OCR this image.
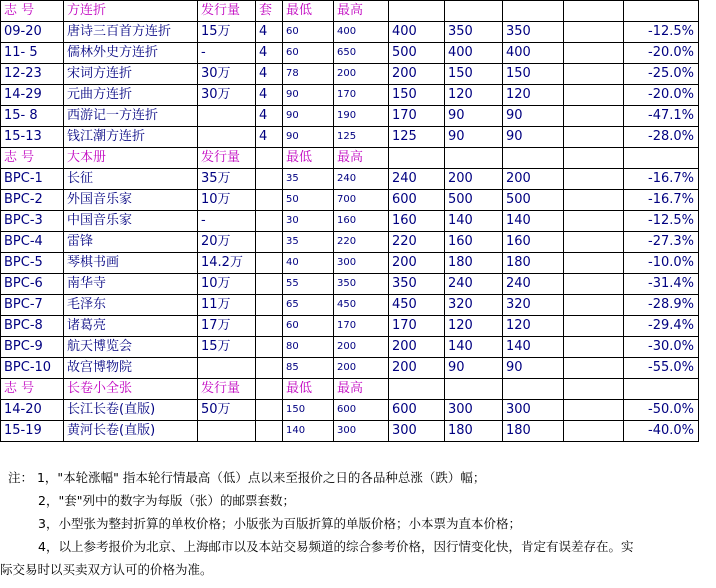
志 号	方连折	发行量	套	最低	最高					
09-20	唐诗三百首方连折	15万	4	60	400	400	350	350		-12.5%
11- 5	儒林外史方连折	-	4	60	650	500	400	400		-20.0%
12-23	宋词方连折	30万	4	78	200	200	150	150		-25.0%
14-29	元曲方连折	30万	4	90	170	150	120	120		-20.0%
15- 8	西游记一方连折		4	90	190	170	90	90		-47.1%
15-13	钱江潮方连折		4	90	125	125	90	90		-28.0%
志 号	大本册	发行量		最低	最高					
BPC-1	长征	35万		35	240	240	200	200		-16.7%
BPC-2	外国音乐家	10万		50	700	600	500	500		-16.7%
BPC-3	中国音乐家	-		30	160	160	140	140		-12.5%
BPC-4	雷锋	20万		35	220	220	160	160		-27.3%
BPC-5	琴棋书画	14.2万		40	300	200	180	180		-10.0%
BPC-6	南华寺	10万		55	350	350	240	240		-31.4%
BPC-7	毛泽东	11万		65	450	450	320	320		-28.9%
BPC-8	诸葛亮	17万		60	170	170	120	120		-29.4%
BPC-9	航天博览会	15万		80	200	200	140	140		-30.0%
BPC-10	故宫博物院			85	200	200	90	90		-55.0%
志 号	长卷小全张	发行量		最低	最高					
14-20	长江长卷(直版)	50万		150	600	600	300	300		-50.0%
15-19	黄河长卷(直版)			140	300	300	180	180		-40.0%

注： 1，"本轮涨幅" 指本轮行情最高（低）点以来至报价之日的各品种总涨（跌）幅；

2，"套"列中的数字为每版（张）的邮票套数；

3，小型张为整封折算的单枚价格；小版张为百版折算的单版价格；小本票为直本价格；

4，以上参考报价为北京、上海邮市以及本站交易频道的综合参考价格，因行情变化快，肯定有误差存在。实

际交易时以买卖双方认可的价格为准。
